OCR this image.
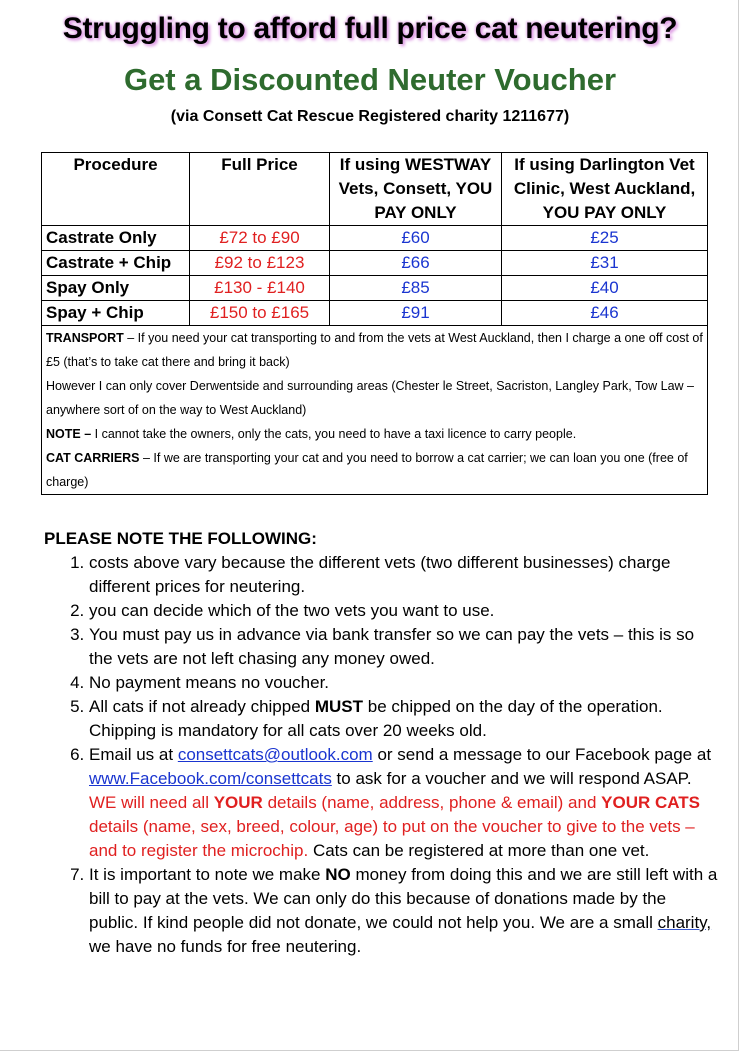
Struggling to afford full price cat neutering?
Get a Discounted Neuter Voucher
(via Consett Cat Rescue Registered charity 1211677)
Procedure	Full Price	If using WESTWAY Vets, Consett, YOU PAY ONLY	If using Darlington Vet Clinic, West Auckland, YOU PAY ONLY
Castrate Only	£72 to £90	£60	£25
Castrate + Chip	£92 to £123	£66	£31
Spay Only	£130 - £140	£85	£40
Spay + Chip	£150 to £165	£91	£46

TRANSPORT – If you need your cat transporting to and from the vets at West Auckland, then I charge a one off cost of £5 (that’s to take cat there and bring it back)

However I can only cover Derwentside and surrounding areas (Chester le Street, Sacriston, Langley Park, Tow Law – anywhere sort of on the way to West Auckland)

NOTE – I cannot take the owners, only the cats, you need to have a taxi licence to carry people.

CAT CARRIERS – If we are transporting your cat and you need to borrow a cat carrier; we can loan you one (free of charge)			

PLEASE NOTE THE FOLLOWING:
1. costs above vary because the different vets (two different businesses) charge different prices for neutering.
2. you can decide which of the two vets you want to use.
3. You must pay us in advance via bank transfer so we can pay the vets – this is so the vets are not left chasing any money owed.
4. No payment means no voucher.
5. All cats if not already chipped MUST be chipped on the day of the operation. Chipping is mandatory for all cats over 20 weeks old.
6. Email us at consettcats@outlook.com or send a message to our Facebook page at www.Facebook.com/consettcats to ask for a voucher and we will respond ASAP. WE will need all YOUR details (name, address, phone & email) and YOUR CATS details (name, sex, breed, colour, age) to put on the voucher to give to the vets – and to register the microchip. Cats can be registered at more than one vet.
7. It is important to note we make NO money from doing this and we are still left with a bill to pay at the vets. We can only do this because of donations made by the public. If kind people did not donate, we could not help you. We are a small charity, we have no funds for free neutering.
